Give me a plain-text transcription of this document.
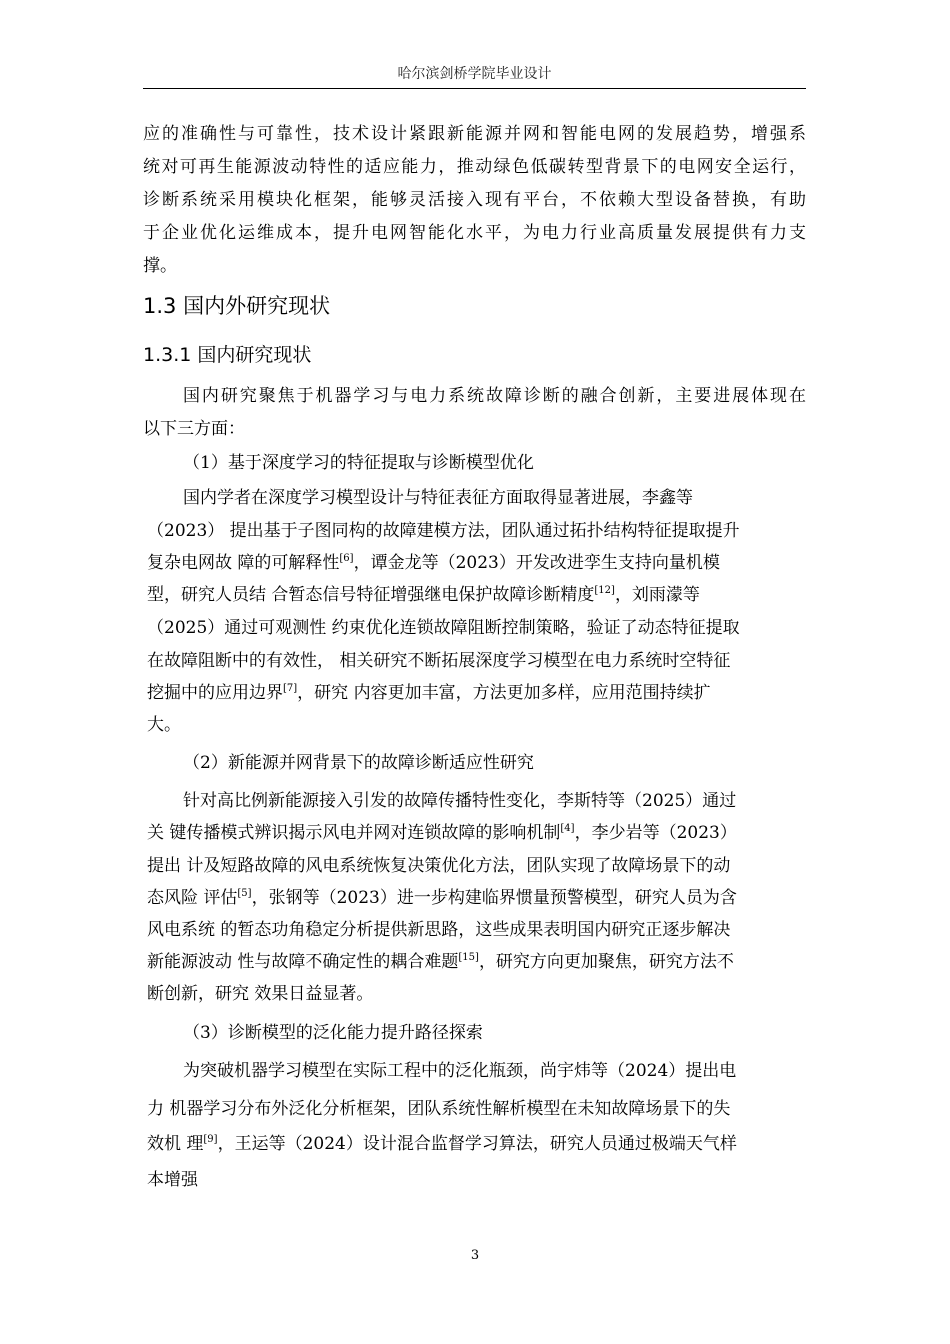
哈尔滨剑桥学院毕业设计
应的准确性与可靠性，技术设计紧跟新能源并网和智能电网的发展趋势，增强系
统对可再生能源波动特性的适应能力，推动绿色低碳转型背景下的电网安全运行，
诊断系统采用模块化框架，能够灵活接入现有平台，不依赖大型设备替换，有助
于企业优化运维成本，提升电网智能化水平，为电力行业高质量发展提供有力支
撑。
1.3 国内外研究现状
1.3.1 国内研究现状
国内研究聚焦于机器学习与电力系统故障诊断的融合创新，主要进展体现在
以下三方面：
（1）基于深度学习的特征提取与诊断模型优化
国内学者在深度学习模型设计与特征表征方面取得显著进展，李鑫等
（2023） 提出基于子图同构的故障建模方法，团队通过拓扑结构特征提取提升
复杂电网故 障的可解释性[6]，谭金龙等（2023）开发改进孪生支持向量机模
型，研究人员结 合暂态信号特征增强继电保护故障诊断精度[12]，刘雨濛等
（2025）通过可观测性 约束优化连锁故障阻断控制策略，验证了动态特征提取
在故障阻断中的有效性， 相关研究不断拓展深度学习模型在电力系统时空特征
挖掘中的应用边界[7]，研究 内容更加丰富，方法更加多样，应用范围持续扩
大。
（2）新能源并网背景下的故障诊断适应性研究
针对高比例新能源接入引发的故障传播特性变化，李斯特等（2025）通过
关 键传播模式辨识揭示风电并网对连锁故障的影响机制[4]，李少岩等（2023）
提出 计及短路故障的风电系统恢复决策优化方法，团队实现了故障场景下的动
态风险 评估[5]，张钢等（2023）进一步构建临界惯量预警模型，研究人员为含
风电系统 的暂态功角稳定分析提供新思路，这些成果表明国内研究正逐步解决
新能源波动 性与故障不确定性的耦合难题[15]，研究方向更加聚焦，研究方法不
断创新，研究 效果日益显著。
（3）诊断模型的泛化能力提升路径探索
为突破机器学习模型在实际工程中的泛化瓶颈，尚宇炜等（2024）提出电
力 机器学习分布外泛化分析框架，团队系统性解析模型在未知故障场景下的失
效机 理[9]，王运等（2024）设计混合监督学习算法，研究人员通过极端天气样
本增强
3
